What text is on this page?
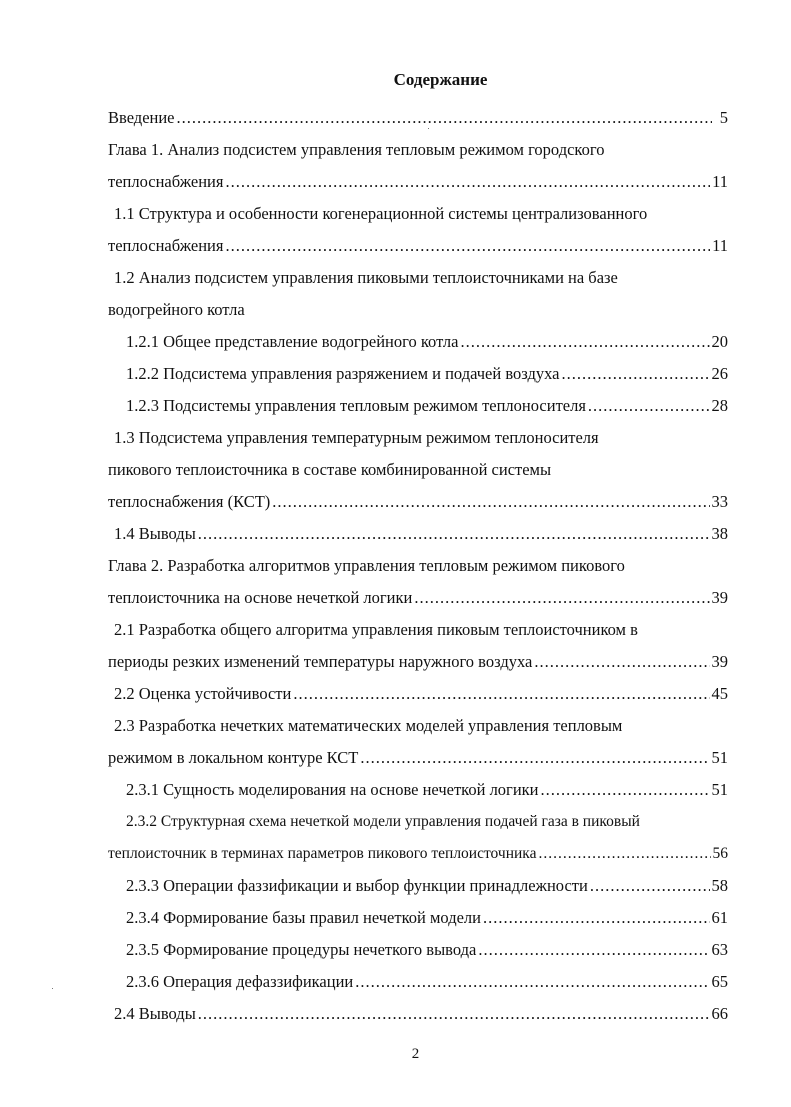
Содержание
Введение .....	5
Глава 1. Анализ подсистем управления тепловым режимом городского
теплоснабжения .....	11
1.1 Структура и особенности когенерационной системы централизованного
теплоснабжения .....	11
1.2 Анализ подсистем управления пиковыми теплоисточниками на базе
водогрейного котла
1.2.1 Общее представление водогрейного котла .....	20
1.2.2 Подсистема управления разряжением и подачей воздуха .....	26
1.2.3 Подсистемы управления тепловым режимом теплоносителя .....	28
1.3 Подсистема управления температурным режимом теплоносителя
пикового теплоисточника в составе комбинированной системы
теплоснабжения (КСТ) .....	33
1.4 Выводы .....	38
Глава 2. Разработка алгоритмов управления тепловым режимом пикового
теплоисточника на основе нечеткой логики .....	39
2.1 Разработка общего алгоритма управления пиковым теплоисточником в
периоды резких изменений температуры наружного воздуха .....	39
2.2 Оценка устойчивости .....	45
2.3 Разработка нечетких математических моделей управления тепловым
режимом в локальном контуре КСТ .....	51
2.3.1 Сущность моделирования на основе нечеткой логики .....	51
2.3.2 Структурная схема нечеткой модели управления подачей газа в пиковый
теплоисточник в терминах параметров пикового теплоисточника .....	56
2.3.3 Операции фаззификации и выбор функции принадлежности .....	58
2.3.4 Формирование базы правил нечеткой модели .....	61
2.3.5 Формирование процедуры нечеткого вывода .....	63
2.3.6 Операция дефаззификации .....	65
2.4 Выводы .....	66
2
